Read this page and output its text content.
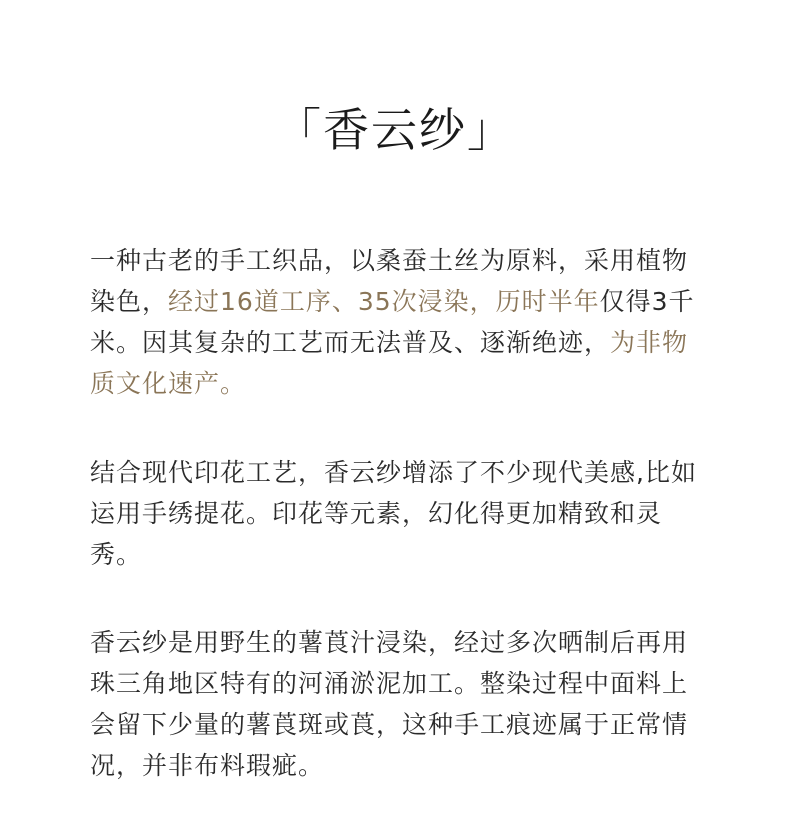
「香云纱」
一种古老的手工织品，以桑蚕土丝为原料，采用植物染色，经过16道工序、35次浸染，历时半年仅得3千米。因其复杂的工艺而无法普及、逐渐绝迹，为非物质文化速产。
结合现代印花工艺，香云纱增添了不少现代美感,比如运用手绣提花。印花等元素，幻化得更加精致和灵秀。
香云纱是用野生的薯莨汁浸染，经过多次晒制后再用珠三角地区特有的河涌淤泥加工。整染过程中面料上会留下少量的薯莨斑或莨，这种手工痕迹属于正常情况，并非布料瑕疵。
